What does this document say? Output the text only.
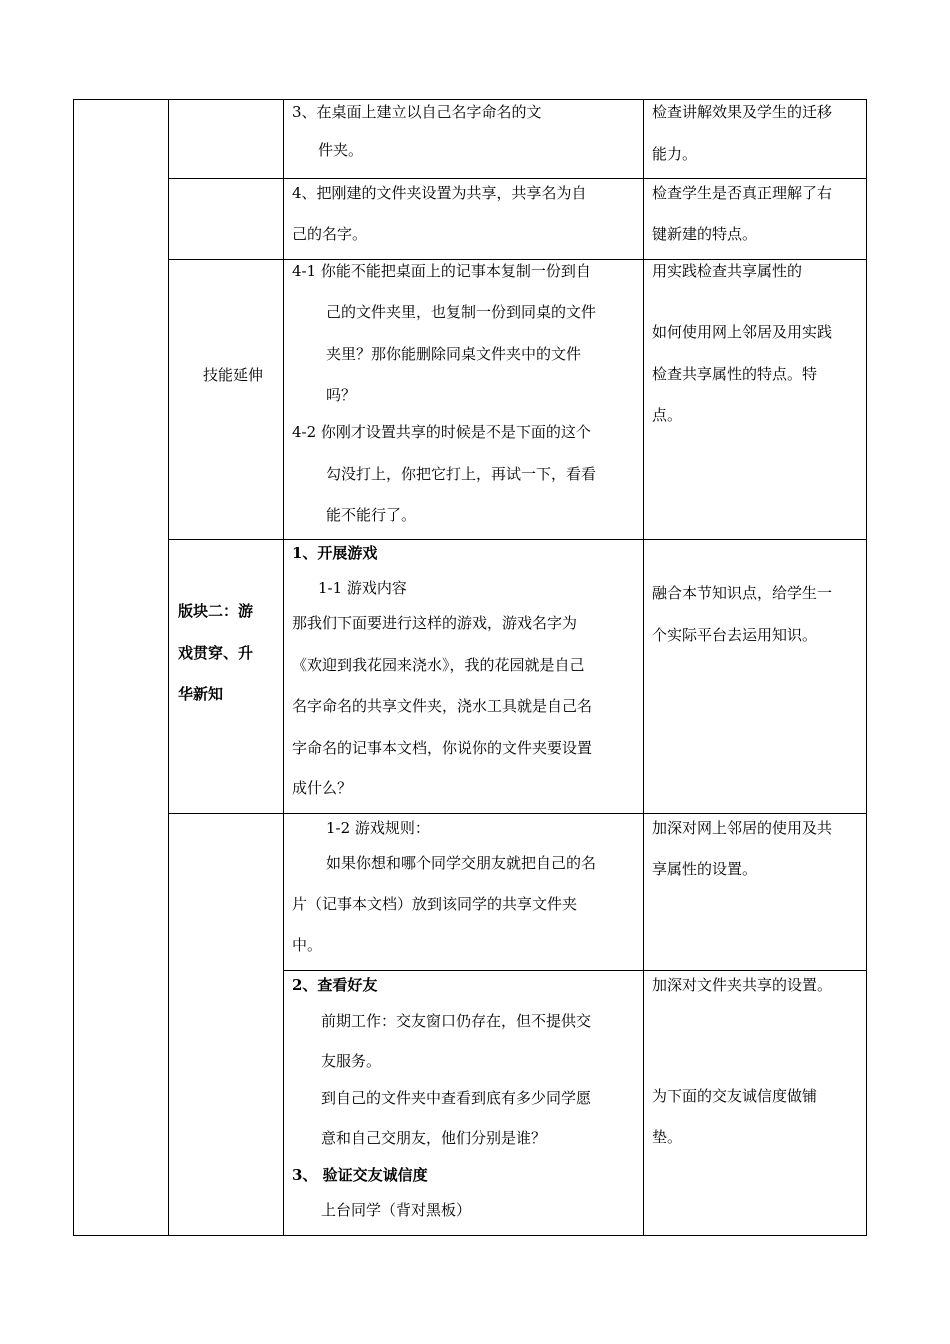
3、在桌面上建立以自己名字命名的文
件夹。
检查讲解效果及学生的迁移
能力。
4、把刚建的文件夹设置为共享，共享名为自
己的名字。
检查学生是否真正理解了右
键新建的特点。
技能延伸
4-1 你能不能把桌面上的记事本复制一份到自
己的文件夹里，也复制一份到同桌的文件
夹里？那你能删除同桌文件夹中的文件
吗？
4-2 你刚才设置共享的时候是不是下面的这个
勾没打上，你把它打上，再试一下，看看
能不能行了。
用实践检查共享属性的
如何使用网上邻居及用实践
检查共享属性的特点。特
点。
版块二：游
戏贯穿、升
华新知
1、开展游戏
1-1 游戏内容
那我们下面要进行这样的游戏，游戏名字为
《欢迎到我花园来浇水》，我的花园就是自己
名字命名的共享文件夹，浇水工具就是自己名
字命名的记事本文档，你说你的文件夹要设置
成什么？
融合本节知识点，给学生一
个实际平台去运用知识。
1-2 游戏规则：
如果你想和哪个同学交朋友就把自己的名
片（记事本文档）放到该同学的共享文件夹
中。
加深对网上邻居的使用及共
享属性的设置。
2、查看好友
前期工作：交友窗口仍存在，但不提供交
友服务。
到自己的文件夹中查看到底有多少同学愿
意和自己交朋友，他们分别是谁？
3、 验证交友诚信度
上台同学（背对黑板）
加深对文件夹共享的设置。
为下面的交友诚信度做铺
垫。
